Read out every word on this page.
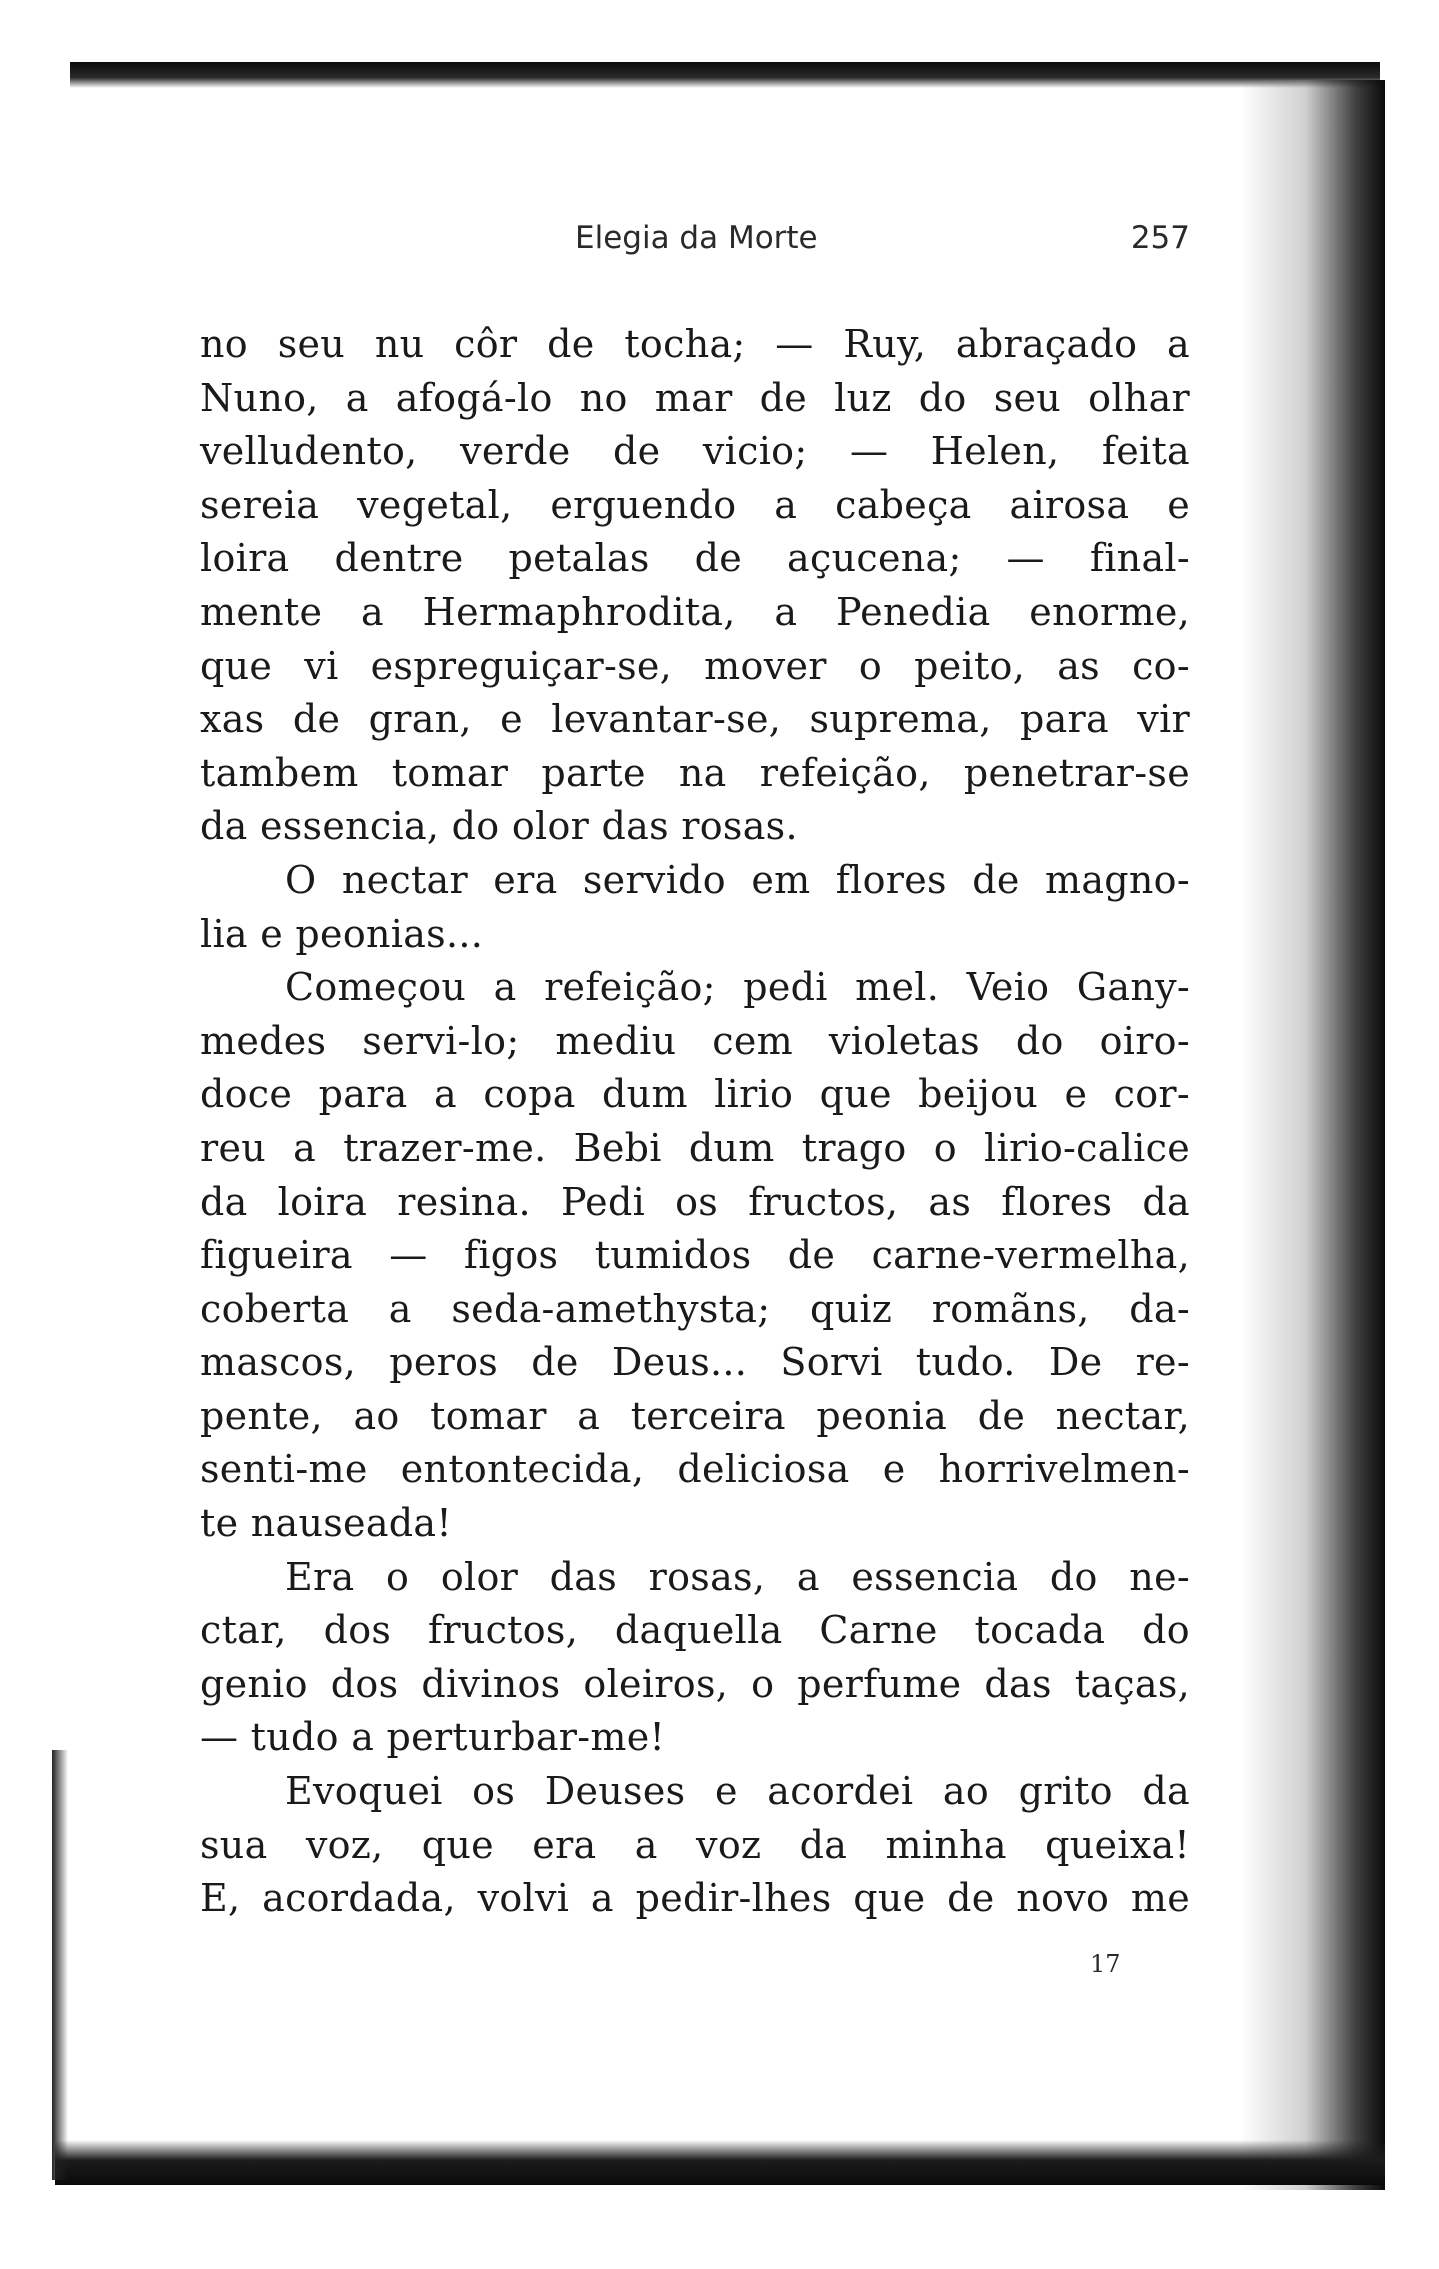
Elegia da Morte	257
no seu nu côr de tocha; — Ruy, abraçado a
Nuno, a afogá-lo no mar de luz do seu olhar
velludento, verde de vicio; — Helen, feita
sereia vegetal, erguendo a cabeça airosa e
loira dentre petalas de açucena; — final-
mente a Hermaphrodita, a Penedia enorme,
que vi espreguiçar-se, mover o peito, as co-
xas de gran, e levantar-se, suprema, para vir
tambem tomar parte na refeição, penetrar-se
da essencia, do olor das rosas.
O nectar era servido em flores de magno-
lia e peonias...
Começou a refeição; pedi mel. Veio Gany-
medes servi-lo; mediu cem violetas do oiro-
doce para a copa dum lirio que beijou e cor-
reu a trazer-me. Bebi dum trago o lirio-calice
da loira resina. Pedi os fructos, as flores da
figueira — figos tumidos de carne-vermelha,
coberta a seda-amethysta; quiz romãns, da-
mascos, peros de Deus... Sorvi tudo. De re-
pente, ao tomar a terceira peonia de nectar,
senti-me entontecida, deliciosa e horrivelmen-
te nauseada!
Era o olor das rosas, a essencia do ne-
ctar, dos fructos, daquella Carne tocada do
genio dos divinos oleiros, o perfume das taças,
— tudo a perturbar-me!
Evoquei os Deuses e acordei ao grito da
sua voz, que era a voz da minha queixa!
E, acordada, volvi a pedir-lhes que de novo me
17
